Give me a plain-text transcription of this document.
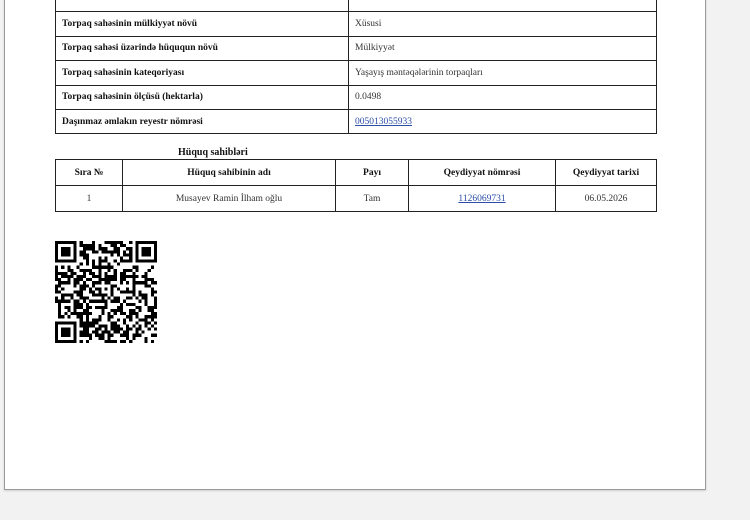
Torpaq sahəsinin mülkiyyət növü	Xüsusi
Torpaq sahəsi üzərində hüququn növü	Mülkiyyət
Torpaq sahəsinin kateqoriyası	Yaşayış məntəqələrinin torpaqları
Torpaq sahəsinin ölçüsü (hektarla)	0.0498
Daşınmaz əmlakın reyestr nömrəsi	005013055933
Hüquq sahibləri
Sıra №	Hüquq sahibinin adı	Payı	Qeydiyyat nömrəsi	Qeydiyyat tarixi
1	Musayev Ramin İlham oğlu	Tam	1126069731	06.05.2026
